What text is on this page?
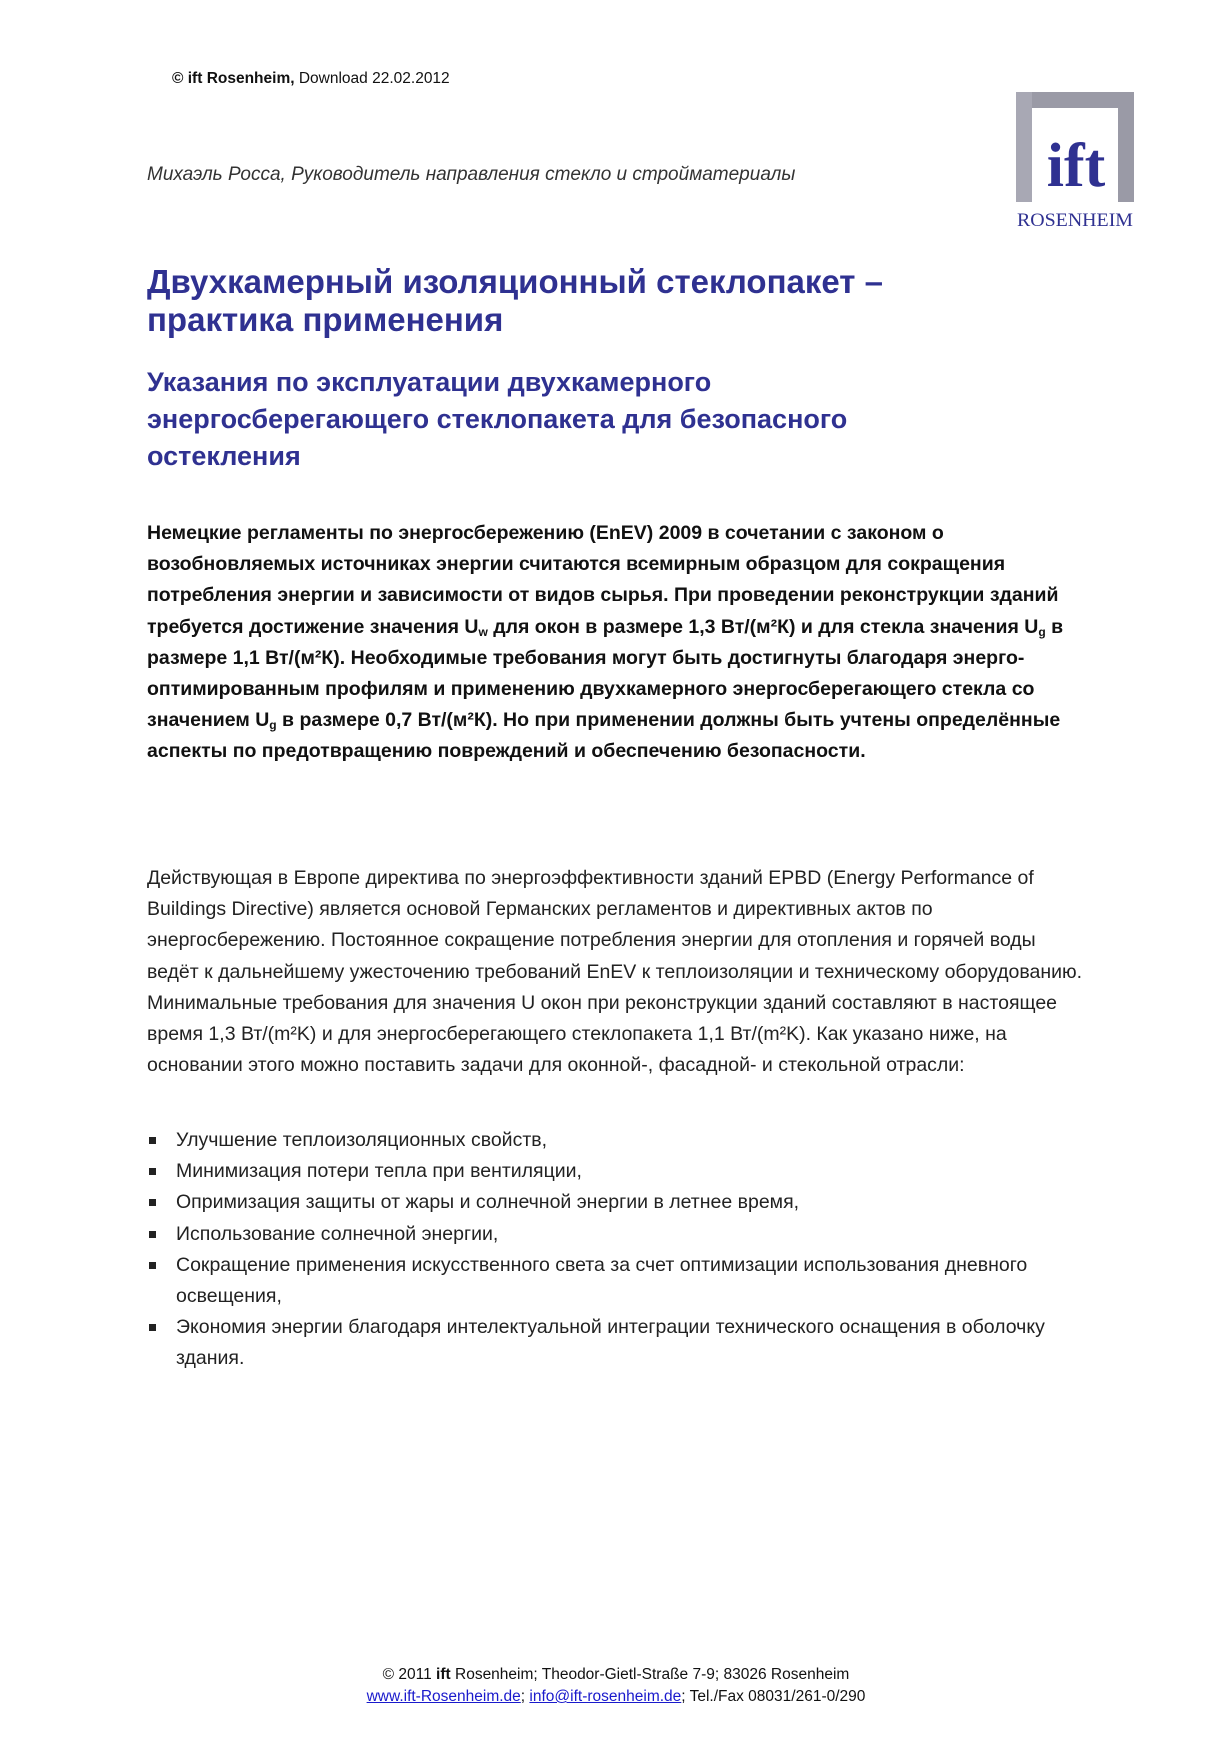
© ift Rosenheim, Download 22.02.2012
ift
ROSENHEIM
Михаэль Росса, Руководитель направления стекло и стройматериалы
Двухкамерный изоляционный стеклопакет –
практика применения
Указания по эксплуатации двухкамерного
энергосберегающего стеклопакета для безопасного
остекления

Немецкие регламенты по энергосбережению (EnEV) 2009 в сочетании с законом о возобновляемых источниках энергии считаются всемирным образцом для сокращения потребления энергии и зависимости от видов сырья. При проведении реконструкции зданий требуется достижение значения $U_w$ для окон в размере 1,3 Вт/(м²К) и для стекла значения $U_g$ в размере 1,1 Вт/(м²К). Необходимые требования могут быть достигнуты благодаря энерго-оптимированным профилям и применению двухкамерного энергосберегающего стекла со значением $U_g$ в размере 0,7 Вт/(м²К). Но при применении должны быть учтены определённые аспекты по предотвращению повреждений и обеспечению безопасности.

Действующая в Европе директива по энергоэффективности зданий EPBD (Energy Performance of Buildings Directive) является основой Германских регламентов и директивных актов по энергосбережению. Постоянное сокращение потребления энергии для отопления и горячей воды ведёт к дальнейшему ужесточению требований EnEV к теплоизоляции и техническому оборудованию. Минимальные требования для значения U окон при реконструкции зданий составляют в настоящее время 1,3 Вт/(m²K) и для энергосберегающего стеклопакета 1,1 Вт/(m²K). Как указано ниже, на основании этого можно поставить задачи для оконной-, фасадной- и стекольной отрасли:

Улучшение теплоизоляционных свойств,
Минимизация потери тепла при вентиляции,
Опримизация защиты от жары и солнечной энергии в летнее время,
Использование солнечной энергии,
Сокращение применения искусственного света за счет оптимизации использования дневного освещения,
Экономия энергии благодаря интелектуальной интеграции технического оснащения в оболочку здания.
© 2011 ift Rosenheim; Theodor-Gietl-Straße 7-9; 83026 Rosenheim
www.ift-Rosenheim.de; info@ift-rosenheim.de; Tel./Fax 08031/261-0/290
